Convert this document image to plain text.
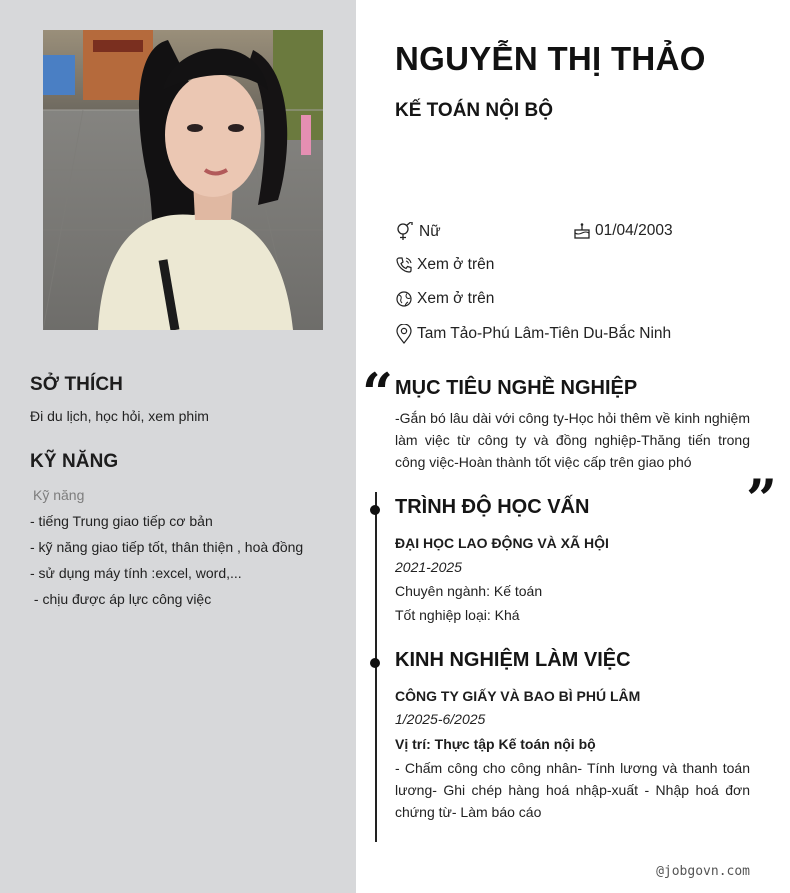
SỞ THÍCH
Đi du lịch, học hỏi, xem phim
KỸ NĂNG
Kỹ năng
- tiếng Trung giao tiếp cơ bản
- kỹ năng giao tiếp tốt, thân thiện , hoà đồng
- sử dụng máy tính :excel, word,...
- chịu được áp lực công việc
NGUYỄN THỊ THẢO
KẾ TOÁN NỘI BỘ
Nữ	01/04/2003
Xem ở trên
Xem ở trên
Tam Tảo-Phú Lâm-Tiên Du-Bắc Ninh
“ MỤC TIÊU NGHỀ NGHIỆP
-Gắn bó lâu dài với công ty-Học hỏi thêm về kinh nghiệm làm việc từ công ty và đồng nghiệp-Thăng tiến trong công việc-Hoàn thành tốt việc cấp trên giao phó
”
TRÌNH ĐỘ HỌC VẤN
ĐẠI HỌC LAO ĐỘNG VÀ XÃ HỘI
2021-2025
Chuyên ngành: Kế toán
Tốt nghiệp loại: Khá
KINH NGHIỆM LÀM VIỆC
CÔNG TY GIẤY VÀ BAO BÌ PHÚ LÂM
1/2025-6/2025
Vị trí: Thực tập Kế toán nội bộ
- Chấm công cho công nhân- Tính lương và thanh toán lương- Ghi chép hàng hoá nhập-xuất - Nhập hoá đơn chứng từ- Làm báo cáo
@jobgovn.com
